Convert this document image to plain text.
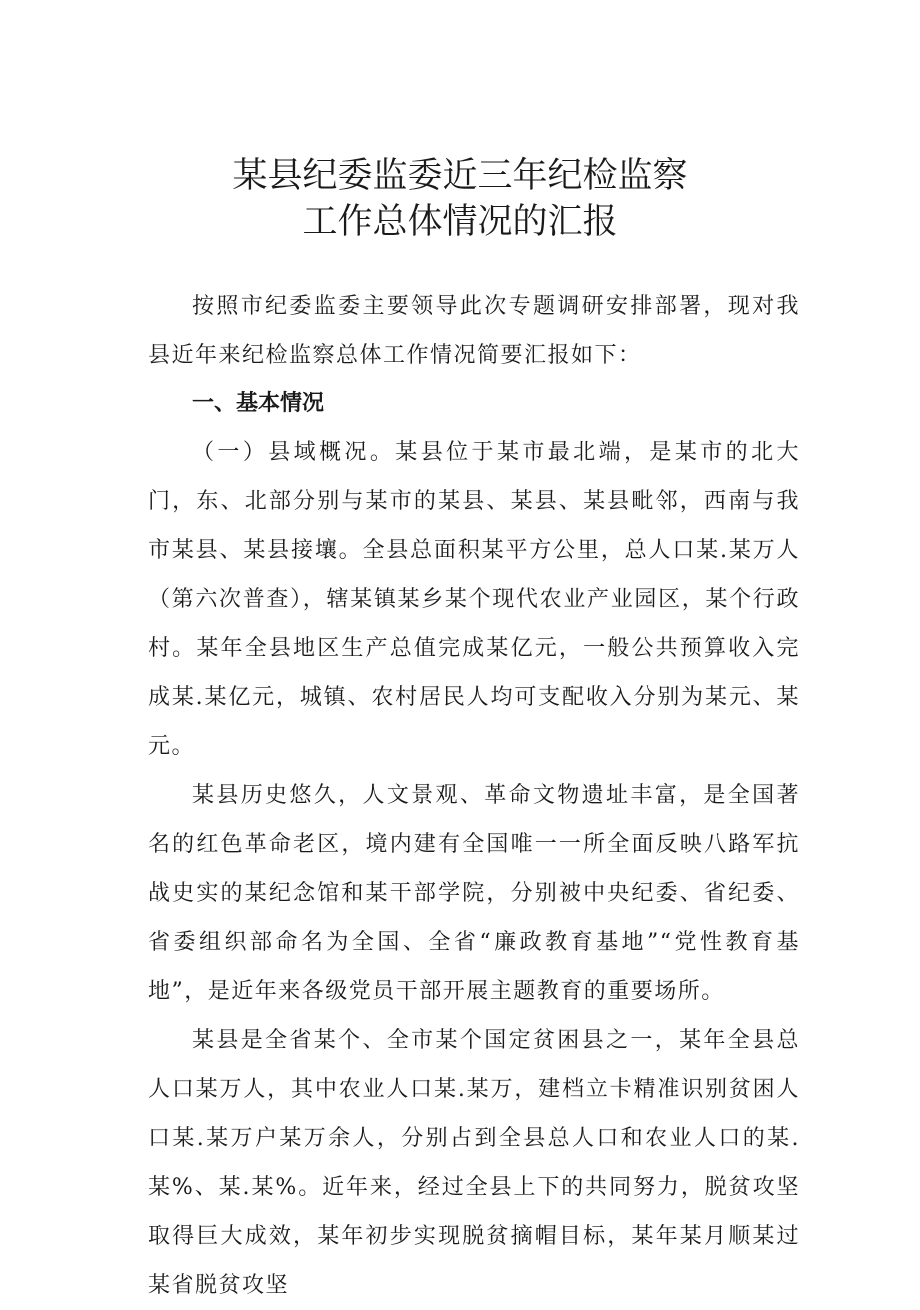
某县纪委监委近三年纪检监察
工作总体情况的汇报

按照市纪委监委主要领导此次专题调研安排部署，现对我县近年来纪检监察总体工作情况简要汇报如下：

一、基本情况

（一）县域概况。某县位于某市最北端，是某市的北大门，东、北部分别与某市的某县、某县、某县毗邻，西南与我市某县、某县接壤。全县总面积某平方公里，总人口某.某万人（第六次普查），辖某镇某乡某个现代农业产业园区，某个行政村。某年全县地区生产总值完成某亿元，一般公共预算收入完成某.某亿元，城镇、农村居民人均可支配收入分别为某元、某元。

某县历史悠久，人文景观、革命文物遗址丰富，是全国著名的红色革命老区，境内建有全国唯一一所全面反映八路军抗战史实的某纪念馆和某干部学院，分别被中央纪委、省纪委、省委组织部命名为全国、全省“廉政教育基地”“党性教育基地”，是近年来各级党员干部开展主题教育的重要场所。

某县是全省某个、全市某个国定贫困县之一，某年全县总人口某万人，其中农业人口某.某万，建档立卡精准识别贫困人口某.某万户某万余人，分别占到全县总人口和农业人口的某.某%、某.某%。近年来，经过全县上下的共同努力，脱贫攻坚取得巨大成效，某年初步实现脱贫摘帽目标，某年某月顺某过某省脱贫攻坚
